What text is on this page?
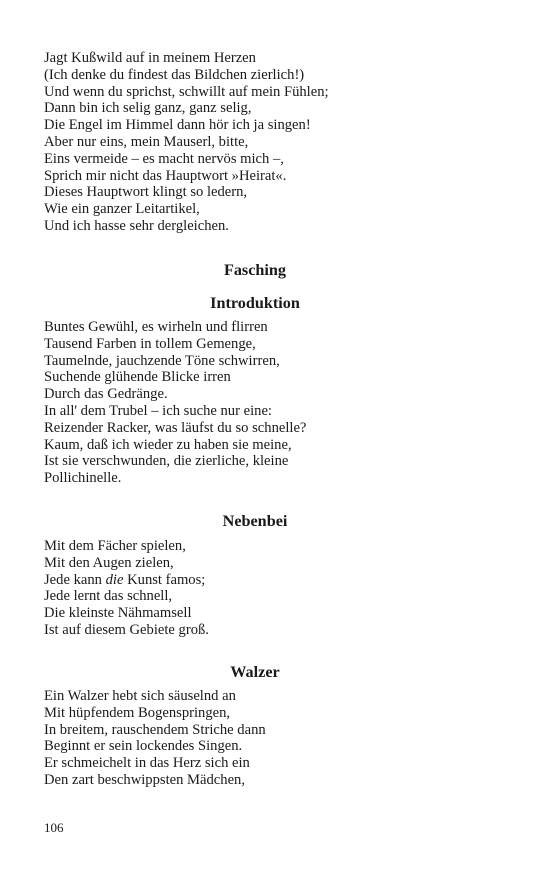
Jagt Kußwild auf in meinem Herzen
(Ich denke du findest das Bildchen zierlich!)
Und wenn du sprichst, schwillt auf mein Fühlen;
Dann bin ich selig ganz, ganz selig,
Die Engel im Himmel dann hör ich ja singen!
Aber nur eins, mein Mauserl, bitte,
Eins vermeide – es macht nervös mich –,
Sprich mir nicht das Hauptwort »Heirat«.
Dieses Hauptwort klingt so ledern,
Wie ein ganzer Leitartikel,
Und ich hasse sehr dergleichen.
Fasching
Introduktion
Buntes Gewühl, es wirheln und flirren
Tausend Farben in tollem Gemenge,
Taumelnde, jauchzende Töne schwirren,
Suchende glühende Blicke irren
Durch das Gedränge.
In all' dem Trubel – ich suche nur eine:
Reizender Racker, was läufst du so schnelle?
Kaum, daß ich wieder zu haben sie meine,
Ist sie verschwunden, die zierliche, kleine
Pollichinelle.
Nebenbei
Mit dem Fächer spielen,
Mit den Augen zielen,
Jede kann die Kunst famos;
Jede lernt das schnell,
Die kleinste Nähmamsell
Ist auf diesem Gebiete groß.
Walzer
Ein Walzer hebt sich säuselnd an
Mit hüpfendem Bogenspringen,
In breitem, rauschendem Striche dann
Beginnt er sein lockendes Singen.
Er schmeichelt in das Herz sich ein
Den zart beschwippsten Mädchen,
106
